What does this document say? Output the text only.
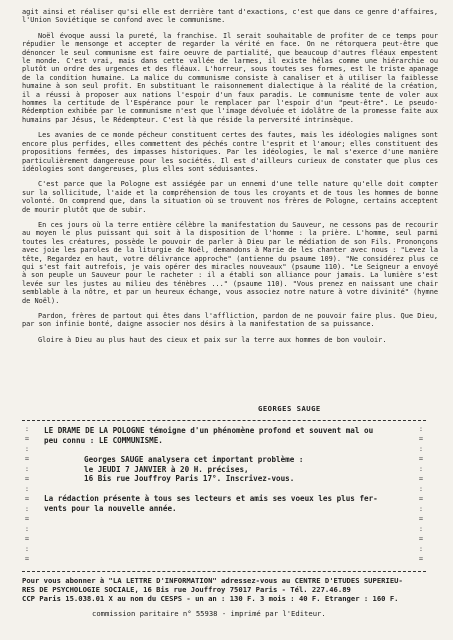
agit ainsi et réaliser qu'si elle est derrière tant d'exactions, c'est que dans ce genre d'affaires, l'Union Soviétique se confond avec le communisme.

Noël évoque aussi la pureté, la franchise. Il serait souhaitable de profiter de ce temps pour répudier le mensonge et accepter de regarder la vérité en face. On ne rétorquera peut-être que dénoncer le seul communisme est faire oeuvre de partialité, que beaucoup d'autres fléaux empestent le monde. C'est vrai, mais dans cette vallée de larmes, il existe hélas comme une hiérarchie ou plutôt un ordre des urgences et des fléaux. L'horreur, sous toutes ses formes, est le triste apanage de la condition humaine. La malice du communisme consiste à canaliser et à utiliser la faiblesse humaine à son seul profit. En substituant le raisonnement dialectique à la réalité de la création, il a réussi à proposer aux nations l'espoir d'un faux paradis. Le communisme tente de voler aux hommes la certitude de l'Espérance pour le remplacer par l'espoir d'un "peut-être". Le pseudo-Rédemption exhibée par le communisme n'est que l'image dévoluée et idolâtre de la promesse faite aux humains par Jésus, le Rédempteur. C'est là que réside la perversité intrinsèque.

Les avanies de ce monde pécheur constituent certes des fautes, mais les idéologies malignes sont encore plus perfides, elles commettent des péchés contre l'esprit et l'amour; elles constituent des propositions fermées, des impasses historiques. Par les idéologies, le mal s'exerce d'une manière particulièrement dangereuse pour les sociétés. Il est d'ailleurs curieux de constater que plus ces idéologies sont dangereuses, plus elles sont séduisantes.

C'est parce que la Pologne est assiégée par un ennemi d'une telle nature qu'elle doit compter sur la sollicitude, l'aide et la compréhension de tous les croyants et de tous les hommes de bonne volonté. On comprend que, dans la situation où se trouvent nos frères de Pologne, certains acceptent de mourir plutôt que de subir.

En ces jours où la terre entière célèbre la manifestation du Sauveur, ne cessons pas de recourir au moyen le plus puissant qui soit à la disposition de l'homme : la prière. L'homme, seul parmi toutes les créatures, possède le pouvoir de parler à Dieu par le médiation de son Fils. Prononçons avec joie les paroles de la liturgie de Noël, demandons à Marie de les chanter avec nous : "Levez la tête, Regardez en haut, votre délivrance approche" (antienne du psaume 109). "Ne considérez plus ce qui s'est fait autrefois, je vais opérer des miracles nouveaux" (psaume 110). "Le Seigneur a envoyé à son peuple un Sauveur pour le racheter : il a établi son alliance pour jamais. La lumière s'est levée sur les justes au milieu des ténèbres ..." (psaume 110). "Vous prenez en naissant une chair semblable à la nôtre, et par un heureux échange, vous associez notre nature à votre divinité" (hymne de Noël).

Pardon, frères de partout qui êtes dans l'affliction, pardon de ne pouvoir faire plus. Que Dieu, par son infinie bonté, daigne associer nos désirs à la manifestation de sa puissance.

Gloire à Dieu au plus haut des cieux et paix sur la terre aux hommes de bon vouloir.

GEORGES SAUGE
:
=
:
=
:
=
:
=
:
=
:
=
:
=

LE DRAME DE LA POLOGNE témoigne d'un phénomène profond et souvent mal ou

peu connu : LE COMMUNISME.

Georges SAUGE analysera cet important problème :

le JEUDI 7 JANVIER à 20 H. précises,

16 Bis rue Jouffroy Paris 17°. Inscrivez-vous.

La rédaction présente à tous ses lecteurs et amis ses voeux les plus fer-

vents pour la nouvelle année.

:
=
:
=
:
=
:
=
:
=
:
=
:
=

Pour vous abonner à "LA LETTRE D'INFORMATION" adressez-vous au CENTRE D'ETUDES SUPERIEU-

RES DE PSYCHOLOGIE SOCIALE, 16 Bis rue Jouffroy 75017 Paris - Tél. 227.46.89

CCP Paris 15.038.01 X au nom du CESPS - un an : 130 F. 3 mois : 40 F. Etranger : 160 F.

commission paritaire n° 55938 - imprimé par l'Editeur.
